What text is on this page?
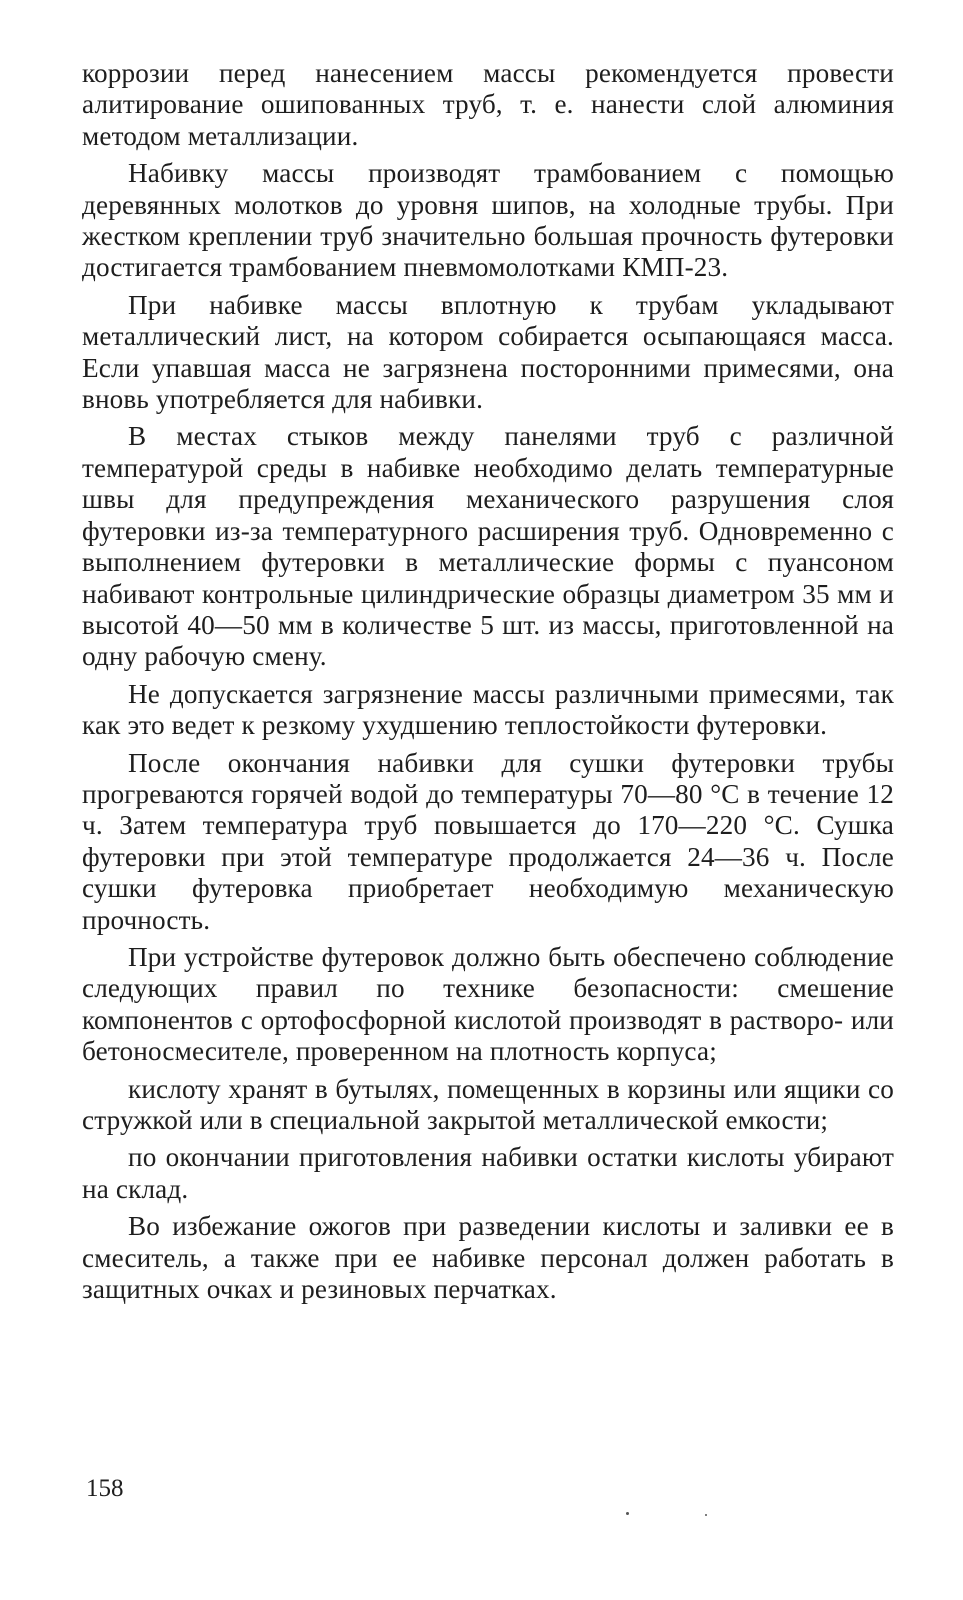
коррозии перед нанесением массы рекомендуется провести алитирование ошипованных труб, т. е. нанести слой алюминия методом металлизации.

Набивку массы производят трамбованием с помощью деревянных молотков до уровня шипов, на холодные трубы. При жестком креплении труб значительно большая прочность футеровки достигается трамбованием пневмомолотками КМП-23.

При набивке массы вплотную к трубам укладывают металлический лист, на котором собирается осыпающаяся масса. Если упавшая масса не загрязнена посторонними примесями, она вновь употребляется для набивки.

В местах стыков между панелями труб с различной температурой среды в набивке необходимо делать температурные швы для предупреждения механического разрушения слоя футеровки из-за температурного расширения труб. Одновременно с выполнением футеровки в металлические формы с пуансоном набивают контрольные цилиндрические образцы диаметром 35 мм и высотой 40—50 мм в количестве 5 шт. из массы, приготовленной на одну рабочую смену.

Не допускается загрязнение массы различными примесями, так как это ведет к резкому ухудшению теплостойкости футеровки.

После окончания набивки для сушки футеровки трубы прогреваются горячей водой до температуры 70—80 °С в течение 12 ч. Затем температура труб повышается до 170—220 °С. Сушка футеровки при этой температуре продолжается 24—36 ч. После сушки футеровка приобретает необходимую механическую прочность.

При устройстве футеровок должно быть обеспечено соблюдение следующих правил по технике безопасности: смешение компонентов с ортофосфорной кислотой производят в растворо- или бетоносмесителе, проверенном на плотность корпуса;

кислоту хранят в бутылях, помещенных в корзины или ящики со стружкой или в специальной закрытой металлической емкости;

по окончании приготовления набивки остатки кислоты убирают на склад.

Во избежание ожогов при разведении кислоты и заливки ее в смеситель, а также при ее набивке персонал должен работать в защитных очках и резиновых перчатках.

158
